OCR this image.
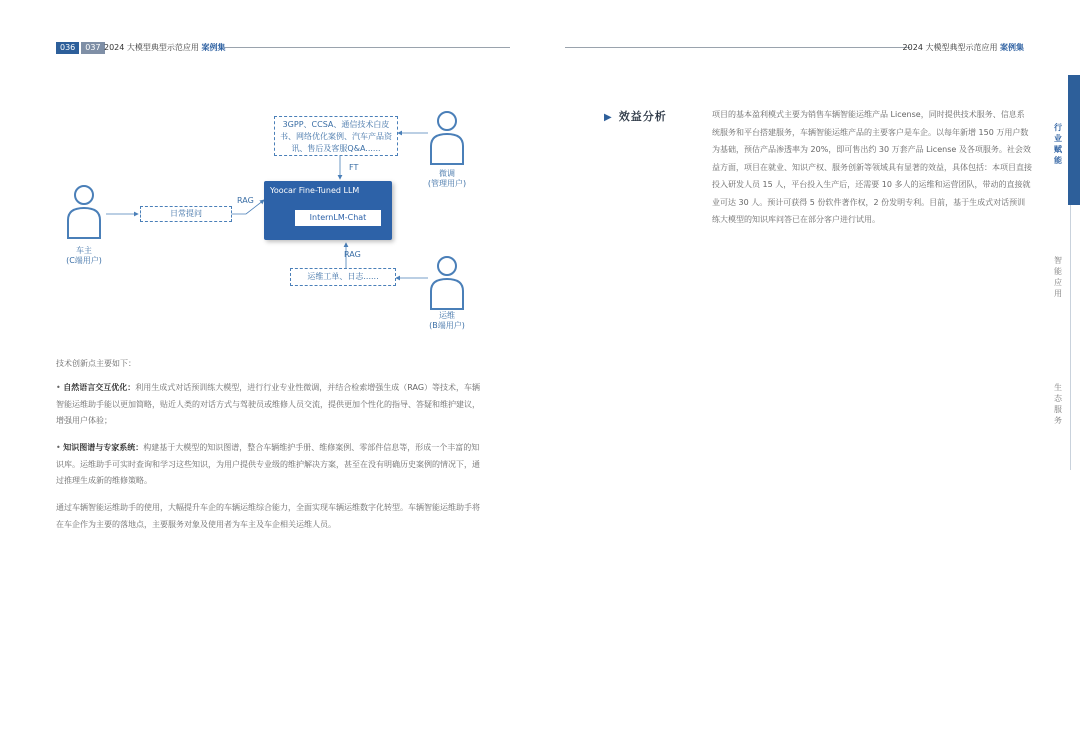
036	037 2024 大模型典型示范应用 案例集	2024 大模型典型示范应用 案例集
3GPP、CCSA、通信技术白皮书、网络优化案例、汽车产品资讯、售后及客服Q&A......
FT
Yoocar Fine-Tuned LLM
InternLM-Chat
日常提问
RAG
RAG
运维工单、日志......
车主
(C端用户)
微调
(管理用户)
运维
(B端用户)
技术创新点主要如下：
• 自然语言交互优化：利用生成式对话预训练大模型，进行行业专业性微调，并结合检索增强生成（RAG）等技术，车辆智能运维助手能以更加简略，贴近人类的对话方式与驾驶员或维修人员交流，提供更加个性化的指导、答疑和维护建议，增强用户体验；
• 知识图谱与专家系统：构建基于大模型的知识图谱，整合车辆维护手册、维修案例、零部件信息等，形成一个丰富的知识库。运维助手可实时查询和学习这些知识，为用户提供专业级的维护解决方案，甚至在没有明确历史案例的情况下，通过推理生成新的维修策略。
通过车辆智能运维助手的使用，大幅提升车企的车辆运维综合能力，全面实现车辆运维数字化转型。车辆智能运维助手将在车企作为主要的落地点，主要服务对象及使用者为车主及车企相关运维人员。
▶ 效益分析	项目的基本盈利模式主要为销售车辆智能运维产品 License，同时提供技术服务、信息系统服务和平台搭建服务，车辆智能运维产品的主要客户是车企。以每年新增 150 万用户数为基础，预估产品渗透率为 20%，即可售出约 30 万套产品 License 及各项服务。社会效益方面，项目在就业、知识产权、服务创新等领域具有显著的效益，具体包括：本项目直接投入研发人员 15 人，平台投入生产后，还需要 10 多人的运维和运营团队，带动的直接就业可达 30 人。预计可获得 5 份软件著作权，2 份发明专利。目前，基于生成式对话预训练大模型的知识库问答已在部分客户进行试用。
行业赋能
智能应用
生态服务
